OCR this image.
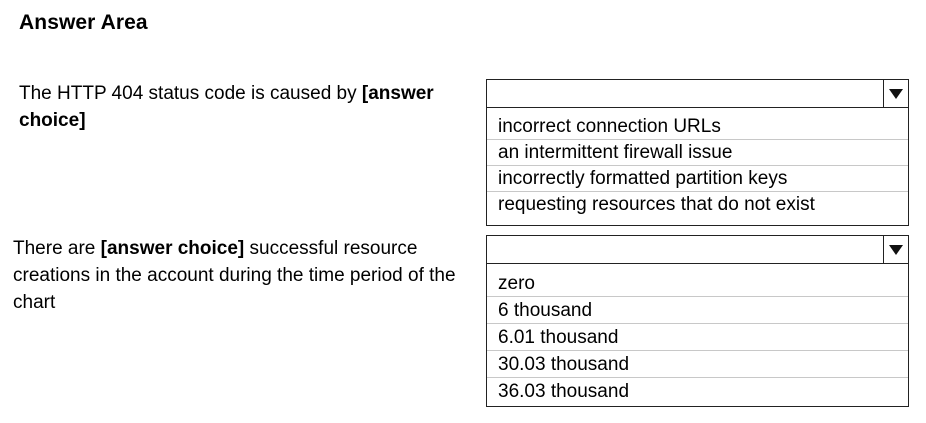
Answer Area
The HTTP 404 status code is caused by [answer choice]	incorrect connection URLs
an intermittent firewall issue
incorrectly formatted partition keys
requesting resources that do not exist
There are [answer choice] successful resource creations in the account during the time period of the chart
zero
6 thousand
6.01 thousand
30.03 thousand
36.03 thousand
